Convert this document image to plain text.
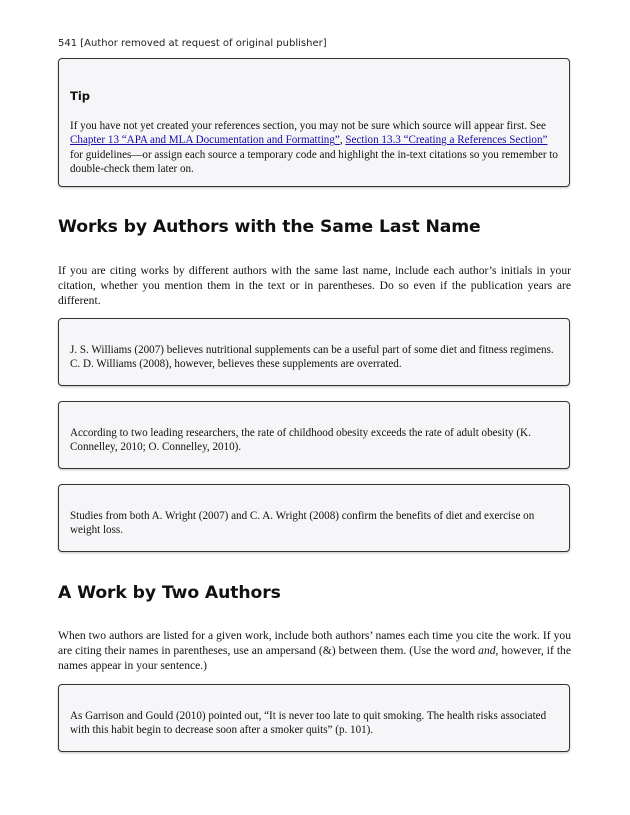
541 [Author removed at request of original publisher]

Tip

If you have not yet created your references section, you may not be sure which source will appear first. See Chapter 13 “APA and MLA Documentation and Formatting”, Section 13.3 “Creating a References Section” for guidelines—or assign each source a temporary code and highlight the in-text citations so you remember to double-check them later on.

Works by Authors with the Same Last Name

If you are citing works by different authors with the same last name, include each author’s initials in your citation, whether you mention them in the text or in parentheses. Do so even if the publication years are different.

J. S. Williams (2007) believes nutritional supplements can be a useful part of some diet and fitness regimens. C. D. Williams (2008), however, believes these supplements are overrated.

According to two leading researchers, the rate of childhood obesity exceeds the rate of adult obesity (K. Connelley, 2010; O. Connelley, 2010).

Studies from both A. Wright (2007) and C. A. Wright (2008) confirm the benefits of diet and exercise on weight loss.

A Work by Two Authors

When two authors are listed for a given work, include both authors’ names each time you cite the work. If you are citing their names in parentheses, use an ampersand (&) between them. (Use the word and, however, if the names appear in your sentence.)

As Garrison and Gould (2010) pointed out, “It is never too late to quit smoking. The health risks associated with this habit begin to decrease soon after a smoker quits” (p. 101).
